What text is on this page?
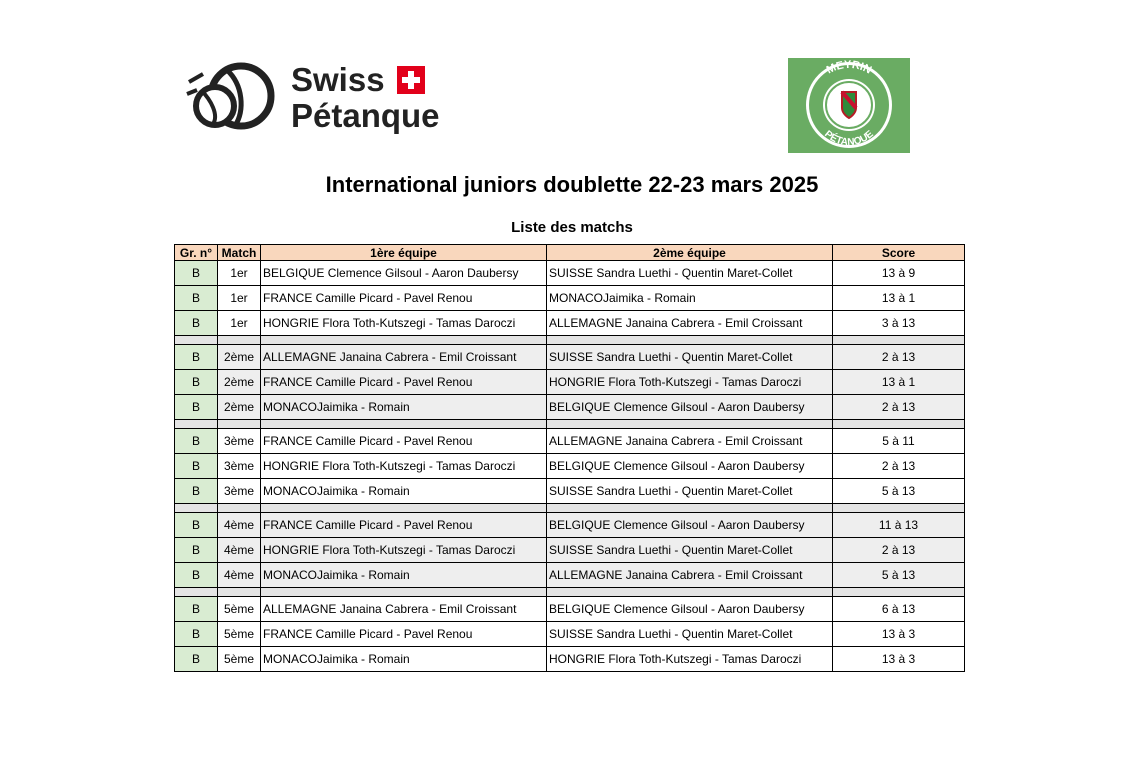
Swiss
Pétanque
MEYRIN
PÉTANQUE
International juniors doublette 22-23 mars 2025
Liste des matchs
Gr. n°	Match	1ère équipe	2ème équipe	Score
B	1er	BELGIQUE Clemence Gilsoul - Aaron Daubersy	SUISSE Sandra Luethi - Quentin Maret-Collet	13 à 9
B	1er	FRANCE Camille Picard - Pavel Renou	MONACOJaimika - Romain	13 à 1
B	1er	HONGRIE Flora Toth-Kutszegi - Tamas Daroczi	ALLEMAGNE Janaina Cabrera - Emil Croissant	3 à 13

B	2ème	ALLEMAGNE Janaina Cabrera - Emil Croissant	SUISSE Sandra Luethi - Quentin Maret-Collet	2 à 13
B	2ème	FRANCE Camille Picard - Pavel Renou	HONGRIE Flora Toth-Kutszegi - Tamas Daroczi	13 à 1
B	2ème	MONACOJaimika - Romain	BELGIQUE Clemence Gilsoul - Aaron Daubersy	2 à 13

B	3ème	FRANCE Camille Picard - Pavel Renou	ALLEMAGNE Janaina Cabrera - Emil Croissant	5 à 11
B	3ème	HONGRIE Flora Toth-Kutszegi - Tamas Daroczi	BELGIQUE Clemence Gilsoul - Aaron Daubersy	2 à 13
B	3ème	MONACOJaimika - Romain	SUISSE Sandra Luethi - Quentin Maret-Collet	5 à 13

B	4ème	FRANCE Camille Picard - Pavel Renou	BELGIQUE Clemence Gilsoul - Aaron Daubersy	11 à 13
B	4ème	HONGRIE Flora Toth-Kutszegi - Tamas Daroczi	SUISSE Sandra Luethi - Quentin Maret-Collet	2 à 13
B	4ème	MONACOJaimika - Romain	ALLEMAGNE Janaina Cabrera - Emil Croissant	5 à 13

B	5ème	ALLEMAGNE Janaina Cabrera - Emil Croissant	BELGIQUE Clemence Gilsoul - Aaron Daubersy	6 à 13
B	5ème	FRANCE Camille Picard - Pavel Renou	SUISSE Sandra Luethi - Quentin Maret-Collet	13 à 3
B	5ème	MONACOJaimika - Romain	HONGRIE Flora Toth-Kutszegi - Tamas Daroczi	13 à 3
